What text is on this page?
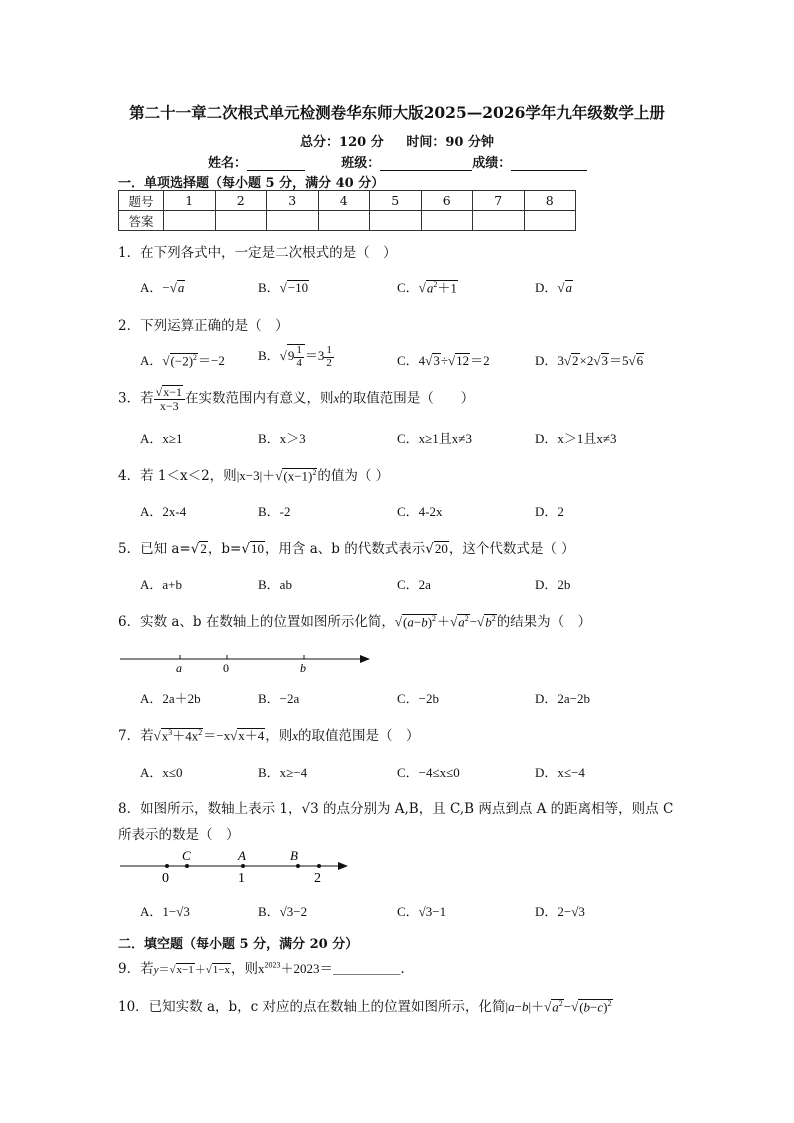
第二十一章二次根式单元检测卷华东师大版2025—2026学年九年级数学上册
总分：120 分 时间：90 分钟
姓名：	班级：	成绩：
一．单项选择题（每小题 5 分，满分 40 分）
题号	1	2	3	4	5	6	7	8
答案								
1．在下列各式中，一定是二次根式的是（　）
A．− √ a	B． √ −10	C． √ $a^2+1$	D． √ a
2．下列运算正确的是（　）
A． √ $(-2)^2=-2$	B． √ $9 \frac{1}{4} =3 \frac{1}{2}$	C．4 √ 3÷ √ 12＝2	D．3 √ 2×2 √ 3＝5 √ 6
3．若 √ $\frac{x-1}{x-3}$ 在实数范围内有意义，则x的取值范围是（　　）
A．x≥1	B．x＞3	C．x≥1且x≠3	D．x＞1且x≠3
4．若 1＜x＜2，则|x−3|＋ √ $(x-1)^2$的值为（ ）
A．2x-4	B．-2	C．4-2x	D．2
5．已知 a= √ 2，b= √ 10，用含 a、b 的代数式表示 √ 20，这个代数式是（ ）
A．a+b	B．ab	C．2a	D．2b
6．实数 a、b 在数轴上的位置如图所示化简， √ $(a-b)^2+$ √ $a^2-$ √ $b^2$的结果为（　）
a	0	b
A．2a＋2b	B．−2a	C．−2b	D．2a−2b
7．若 √ $x^3+4x^2=-x$ √ x＋4，则x的取值范围是（　）
A．x≤0	B．x≥−4	C．−4≤x≤0	D．x≤−4
8．如图所示，数轴上表示 1，√3 的点分别为 A,B，且 C,B 两点到点 A 的距离相等，则点 C
所表示的数是（　）
C	A	B
0	1	2
A．1−√3	B．√3−2	C．√3−1	D．2−√3
二．填空题（每小题 5 分，满分 20 分）
9．若y＝ √ x−1＋ √ 1−x，则$x^{2023}+2023=\_\_\_\_\_$．
10．已知实数 a，b，c 对应的点在数轴上的位置如图所示，化简|a−b|＋ √ $a^2-$ √ $(b-c)^2$
